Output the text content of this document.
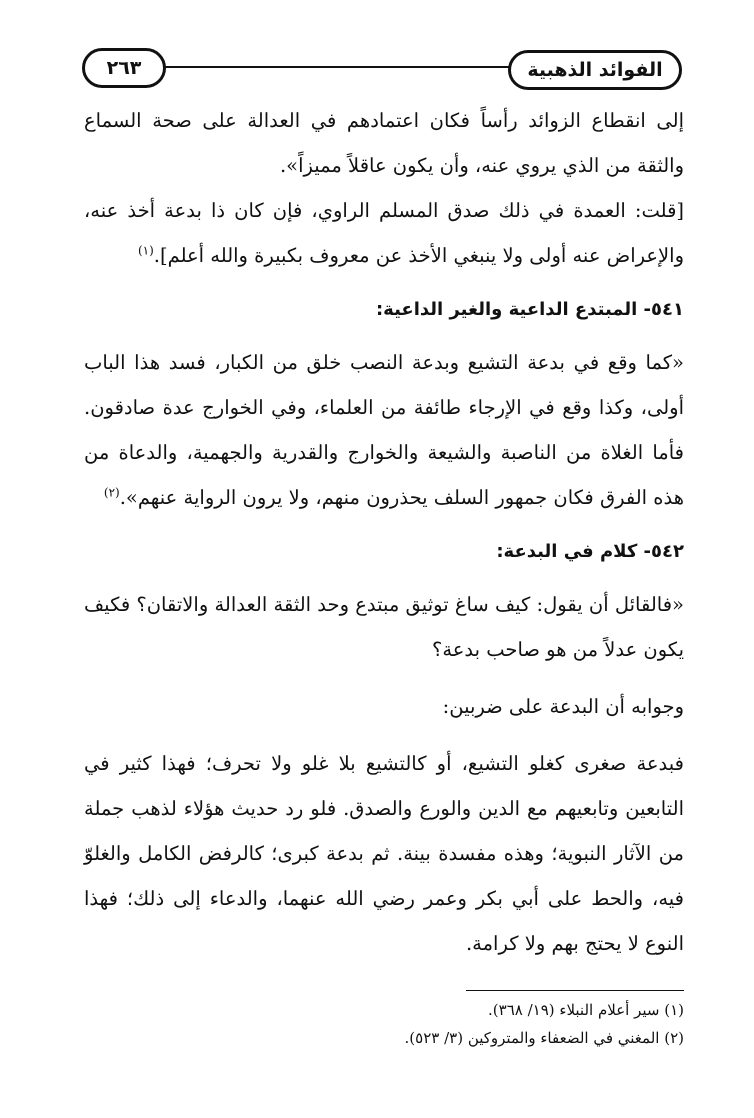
٢٦٣	الفوائد الذهبية

إلى انقطاع الزوائد رأساً فكان اعتمادهم في العدالة على صحة السماع والثقة من الذي يروي عنه، وأن يكون عاقلاً مميزاً».

[قلت: العمدة في ذلك صدق المسلم الراوي، فإن كان ذا بدعة أخذ عنه، والإعراض عنه أولى ولا ينبغي الأخذ عن معروف بكبيرة والله أعلم].$^{(١)}$

٥٤١- المبتدع الداعية والغير الداعية:

«كما وقع في بدعة التشيع وبدعة النصب خلق من الكبار، فسد هذا الباب أولى، وكذا وقع في الإرجاء طائفة من العلماء، وفي الخوارج عدة صادقون. فأما الغلاة من الناصبة والشيعة والخوارج والقدرية والجهمية، والدعاة من هذه الفرق فكان جمهور السلف يحذرون منهم، ولا يرون الرواية عنهم».$^{(٢)}$

٥٤٢- كلام في البدعة:

«فالقائل أن يقول: كيف ساغ توثيق مبتدع وحد الثقة العدالة والاتقان؟ فكيف يكون عدلاً من هو صاحب بدعة؟

وجوابه أن البدعة على ضربين:

فبدعة صغرى كغلو التشيع، أو كالتشيع بلا غلو ولا تحرف؛ فهذا كثير في التابعين وتابعيهم مع الدين والورع والصدق. فلو رد حديث هؤلاء لذهب جملة من الآثار النبوية؛ وهذه مفسدة بينة. ثم بدعة كبرى؛ كالرفض الكامل والغلوّ فيه، والحط على أبي بكر وعمر رضي الله عنهما، والدعاء إلى ذلك؛ فهذا النوع لا يحتج بهم ولا كرامة.

(١) سير أعلام النبلاء (١٩/ ٣٦٨).
(٢) المغني في الضعفاء والمتروكين (٣/ ٥٢٣).
